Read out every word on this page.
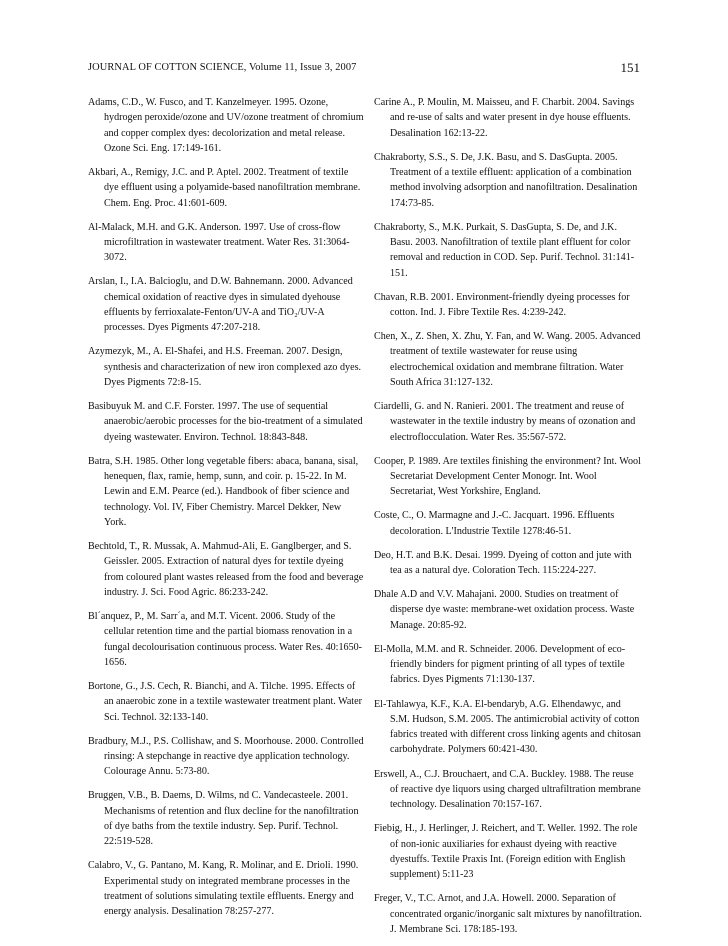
JOURNAL OF COTTON SCIENCE, Volume 11, Issue 3, 2007	151

Adams, C.D., W. Fusco, and T. Kanzelmeyer. 1995. Ozone, hydrogen peroxide/ozone and UV/ozone treatment of chromium and copper complex dyes: decolorization and metal release. Ozone Sci. Eng. 17:149-161.

Akbari, A., Remigy, J.C. and P. Aptel. 2002. Treatment of textile dye effluent using a polyamide-based nanofiltration membrane. Chem. Eng. Proc. 41:601-609.

Al-Malack, M.H. and G.K. Anderson. 1997. Use of cross-flow microfiltration in wastewater treatment. Water Res. 31:3064-3072.

Arslan, I., I.A. Balcioglu, and D.W. Bahnemann. 2000. Advanced chemical oxidation of reactive dyes in simulated dyehouse effluents by ferrioxalate-Fenton/UV-A and TiO₂/UV-A processes. Dyes Pigments 47:207-218.

Azymezyk, M., A. El-Shafei, and H.S. Freeman. 2007. Design, synthesis and characterization of new iron complexed azo dyes. Dyes Pigments 72:8-15.

Basibuyuk M. and C.F. Forster. 1997. The use of sequential anaerobic/aerobic processes for the bio-treatment of a simulated dyeing wastewater. Environ. Technol. 18:843-848.

Batra, S.H. 1985. Other long vegetable fibers: abaca, banana, sisal, henequen, flax, ramie, hemp, sunn, and coir. p. 15-22. In M. Lewin and E.M. Pearce (ed.). Handbook of fiber science and technology. Vol. IV, Fiber Chemistry. Marcel Dekker, New York.

Bechtold, T., R. Mussak, A. Mahmud-Ali, E. Ganglberger, and S. Geissler. 2005. Extraction of natural dyes for textile dyeing from coloured plant wastes released from the food and beverage industry. J. Sci. Food Agric. 86:233-242.

Bl´anquez, P., M. Sarr´a, and M.T. Vicent. 2006. Study of the cellular retention time and the partial biomass renovation in a fungal decolourisation continuous process. Water Res. 40:1650-1656.

Bortone, G., J.S. Cech, R. Bianchi, and A. Tilche. 1995. Effects of an anaerobic zone in a textile wastewater treatment plant. Water Sci. Technol. 32:133-140.

Bradbury, M.J., P.S. Collishaw, and S. Moorhouse. 2000. Controlled rinsing: A stepchange in reactive dye application technology. Colourage Annu. 5:73-80.

Bruggen, V.B., B. Daems, D. Wilms, nd C. Vandecasteele. 2001. Mechanisms of retention and flux decline for the nanofiltration of dye baths from the textile industry. Sep. Purif. Technol. 22:519-528.

Calabro, V., G. Pantano, M. Kang, R. Molinar, and E. Drioli. 1990. Experimental study on integrated membrane processes in the treatment of solutions simulating textile effluents. Energy and energy analysis. Desalination 78:257-277.

Carine A., P. Moulin, M. Maisseu, and F. Charbit. 2004. Savings and re-use of salts and water present in dye house effluents. Desalination 162:13-22.

Chakraborty, S.S., S. De, J.K. Basu, and S. DasGupta. 2005. Treatment of a textile effluent: application of a combination method involving adsorption and nanofiltration. Desalination 174:73-85.

Chakraborty, S., M.K. Purkait, S. DasGupta, S. De, and J.K. Basu. 2003. Nanofiltration of textile plant effluent for color removal and reduction in COD. Sep. Purif. Technol. 31:141-151.

Chavan, R.B. 2001. Environment-friendly dyeing processes for cotton. Ind. J. Fibre Textile Res. 4:239-242.

Chen, X., Z. Shen, X. Zhu, Y. Fan, and W. Wang. 2005. Advanced treatment of textile wastewater for reuse using electrochemical oxidation and membrane filtration. Water South Africa 31:127-132.

Ciardelli, G. and N. Ranieri. 2001. The treatment and reuse of wastewater in the textile industry by means of ozonation and electroflocculation. Water Res. 35:567-572.

Cooper, P. 1989. Are textiles finishing the environment? Int. Wool Secretariat Development Center Monogr. Int. Wool Secretariat, West Yorkshire, England.

Coste, C., O. Marmagne and J.-C. Jacquart. 1996. Effluents decoloration. L'Industrie Textile 1278:46-51.

Deo, H.T. and B.K. Desai. 1999. Dyeing of cotton and jute with tea as a natural dye. Coloration Tech. 115:224-227.

Dhale A.D and V.V. Mahajani. 2000. Studies on treatment of disperse dye waste: membrane-wet oxidation process. Waste Manage. 20:85-92.

El-Molla, M.M. and R. Schneider. 2006. Development of eco-friendly binders for pigment printing of all types of textile fabrics. Dyes Pigments 71:130-137.

El-Tahlawya, K.F., K.A. El-bendaryb, A.G. Elhendawyc, and S.M. Hudson, S.M. 2005. The antimicrobial activity of cotton fabrics treated with different cross linking agents and chitosan carbohydrate. Polymers 60:421-430.

Erswell, A., C.J. Brouchaert, and C.A. Buckley. 1988. The reuse of reactive dye liquors using charged ultrafiltration membrane technology. Desalination 70:157-167.

Fiebig, H., J. Herlinger, J. Reichert, and T. Weller. 1992. The role of non-ionic auxiliaries for exhaust dyeing with reactive dyestuffs. Textile Praxis Int. (Foreign edition with English supplement) 5:11-23

Freger, V., T.C. Arnot, and J.A. Howell. 2000. Separation of concentrated organic/inorganic salt mixtures by nanofiltration. J. Membrane Sci. 178:185-193.
